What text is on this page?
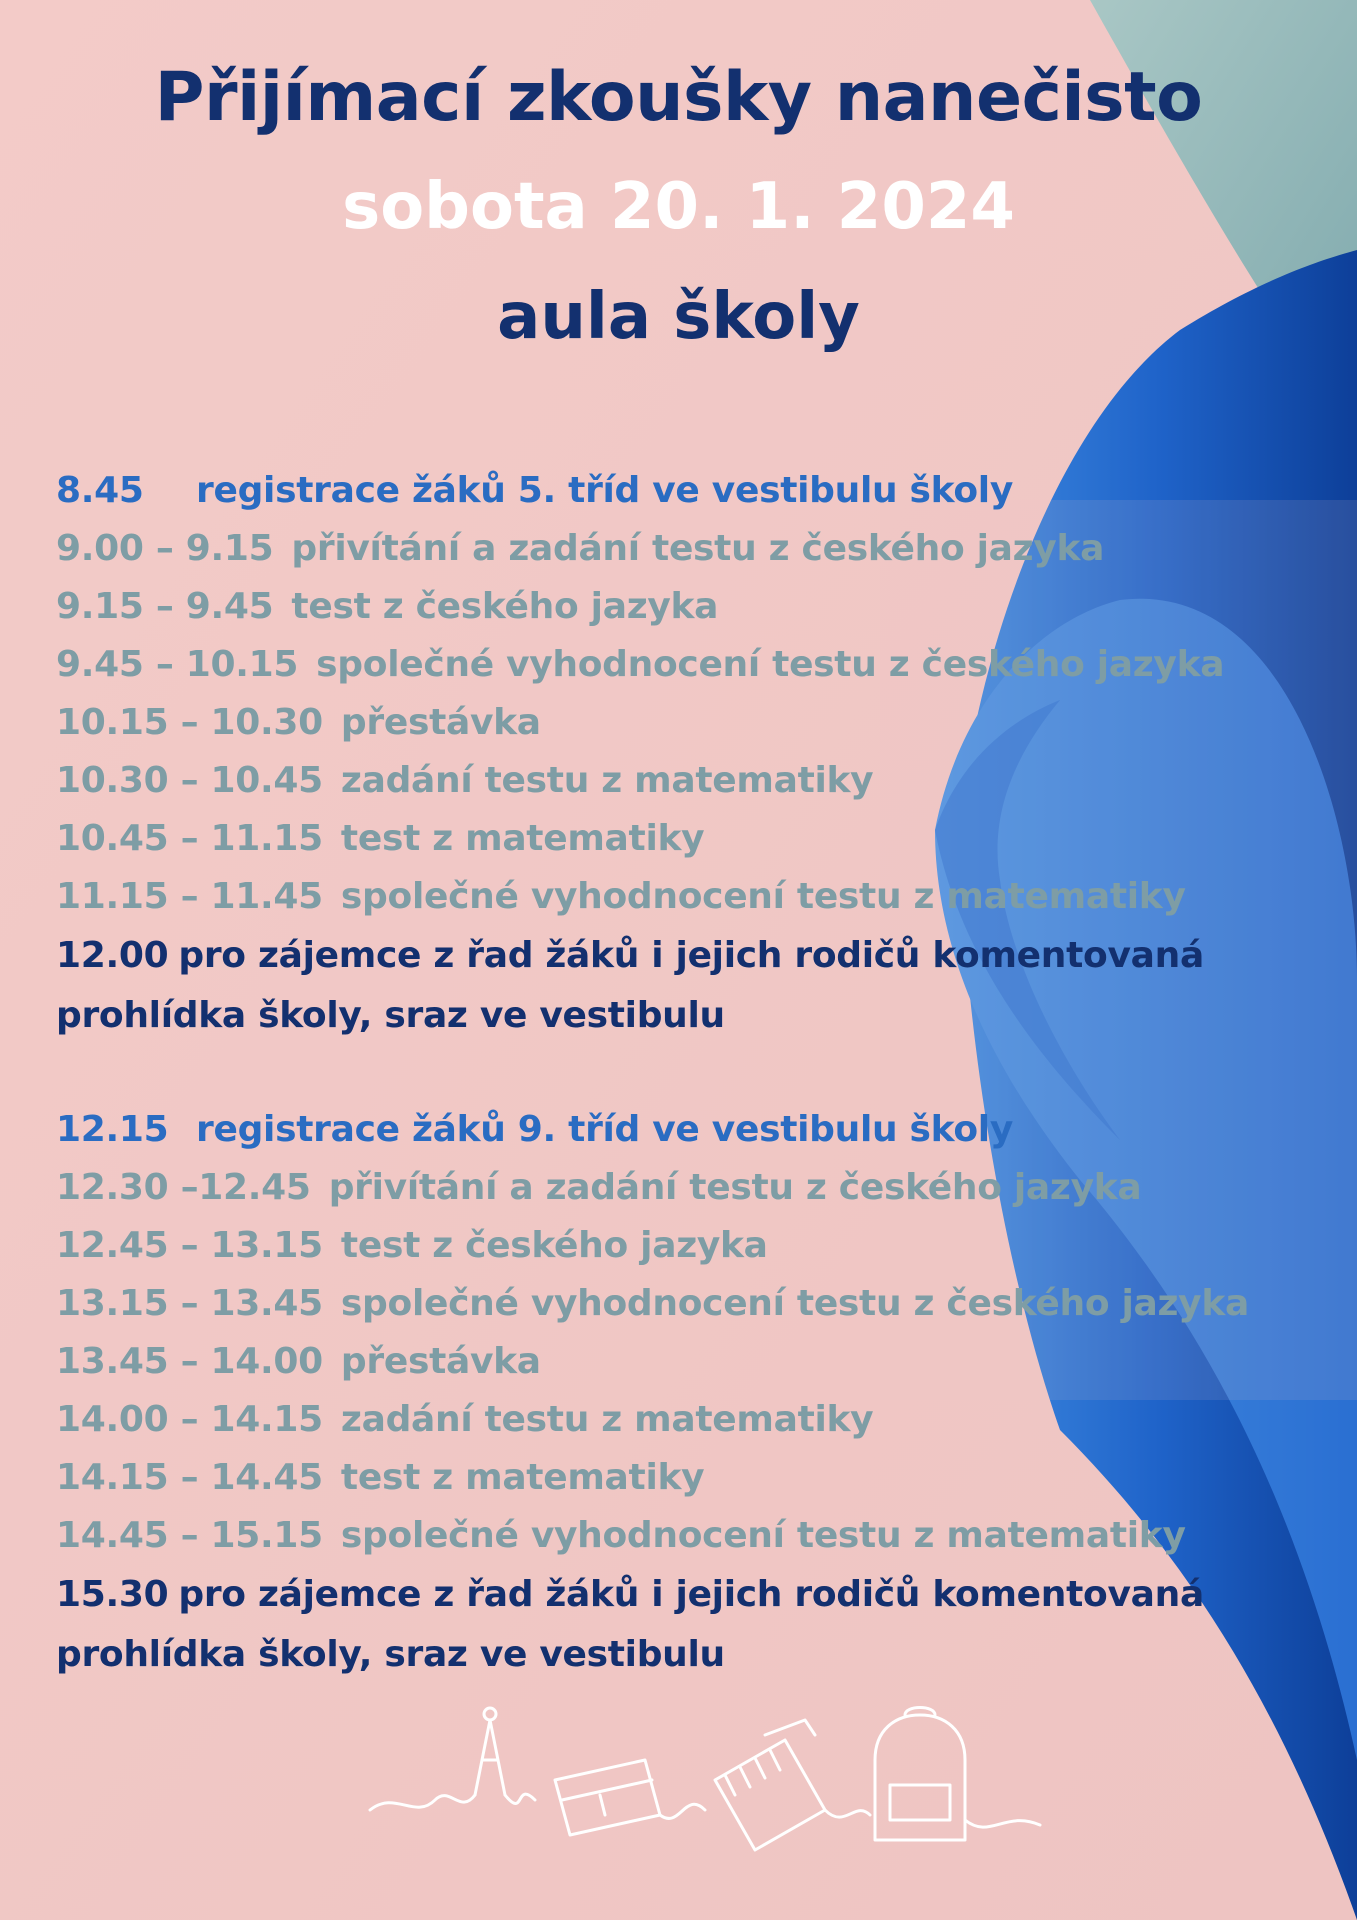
Přijímací zkoušky nanečisto
sobota 20. 1. 2024
aula školy
8.45 registrace žáků 5. tříd ve vestibulu školy
9.00 – 9.15 přivítání a zadání testu z českého jazyka
9.15 – 9.45 test z českého jazyka
9.45 – 10.15 společné vyhodnocení testu z českého jazyka
10.15 – 10.30 přestávka
10.30 – 10.45 zadání testu z matematiky
10.45 – 11.15 test z matematiky
11.15 – 11.45 společné vyhodnocení testu z matematiky
12.00 pro zájemce z řad žáků i jejich rodičů komentovaná
prohlídka školy, sraz ve vestibulu
12.15 registrace žáků 9. tříd ve vestibulu školy
12.30 –12.45 přivítání a zadání testu z českého jazyka
12.45 – 13.15 test z českého jazyka
13.15 – 13.45 společné vyhodnocení testu z českého jazyka
13.45 – 14.00 přestávka
14.00 – 14.15 zadání testu z matematiky
14.15 – 14.45 test z matematiky
14.45 – 15.15 společné vyhodnocení testu z matematiky
15.30 pro zájemce z řad žáků i jejich rodičů komentovaná
prohlídka školy, sraz ve vestibulu
